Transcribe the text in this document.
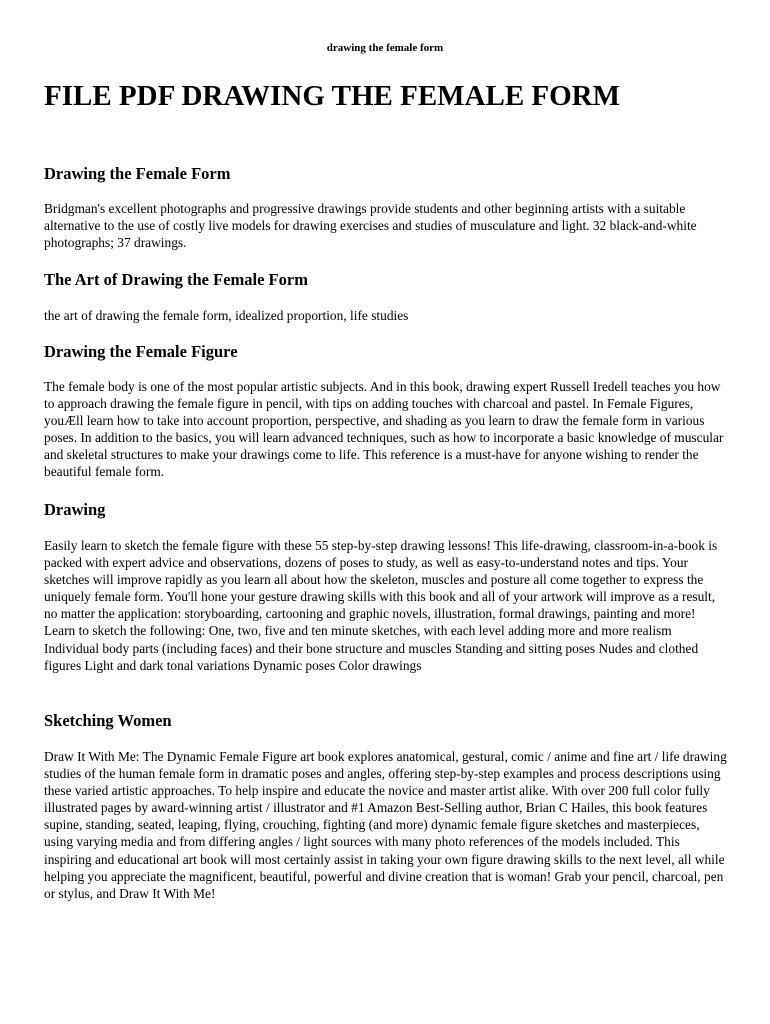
drawing the female form
FILE PDF DRAWING THE FEMALE FORM
Drawing the Female Form

Bridgman's excellent photographs and progressive drawings provide students and other beginning artists with a suitable alternative to the use of costly live models for drawing exercises and studies of musculature and light. 32 black-and-white photographs; 37 drawings.

The Art of Drawing the Female Form

the art of drawing the female form, idealized proportion, life studies

Drawing the Female Figure

The female body is one of the most popular artistic subjects. And in this book, drawing expert Russell Iredell teaches you how to approach drawing the female figure in pencil, with tips on adding touches with charcoal and pastel. In Female Figures, youÆll learn how to take into account proportion, perspective, and shading as you learn to draw the female form in various poses. In addition to the basics, you will learn advanced techniques, such as how to incorporate a basic knowledge of muscular and skeletal structures to make your drawings come to life. This reference is a must-have for anyone wishing to render the beautiful female form.

Drawing

Easily learn to sketch the female figure with these 55 step-by-step drawing lessons! This life-drawing, classroom-in-a-book is packed with expert advice and observations, dozens of poses to study, as well as easy-to-understand notes and tips. Your sketches will improve rapidly as you learn all about how the skeleton, muscles and posture all come together to express the uniquely female form. You'll hone your gesture drawing skills with this book and all of your artwork will improve as a result, no matter the application: storyboarding, cartooning and graphic novels, illustration, formal drawings, painting and more! Learn to sketch the following: One, two, five and ten minute sketches, with each level adding more and more realism Individual body parts (including faces) and their bone structure and muscles Standing and sitting poses Nudes and clothed figures Light and dark tonal variations Dynamic poses Color drawings

Sketching Women

Draw It With Me: The Dynamic Female Figure art book explores anatomical, gestural, comic / anime and fine art / life drawing studies of the human female form in dramatic poses and angles, offering step-by-step examples and process descriptions using these varied artistic approaches. To help inspire and educate the novice and master artist alike. With over 200 full color fully illustrated pages by award-winning artist / illustrator and #1 Amazon Best-Selling author, Brian C Hailes, this book features supine, standing, seated, leaping, flying, crouching, fighting (and more) dynamic female figure sketches and masterpieces, using varying media and from differing angles / light sources with many photo references of the models included. This inspiring and educational art book will most certainly assist in taking your own figure drawing skills to the next level, all while helping you appreciate the magnificent, beautiful, powerful and divine creation that is woman! Grab your pencil, charcoal, pen or stylus, and Draw It With Me!
